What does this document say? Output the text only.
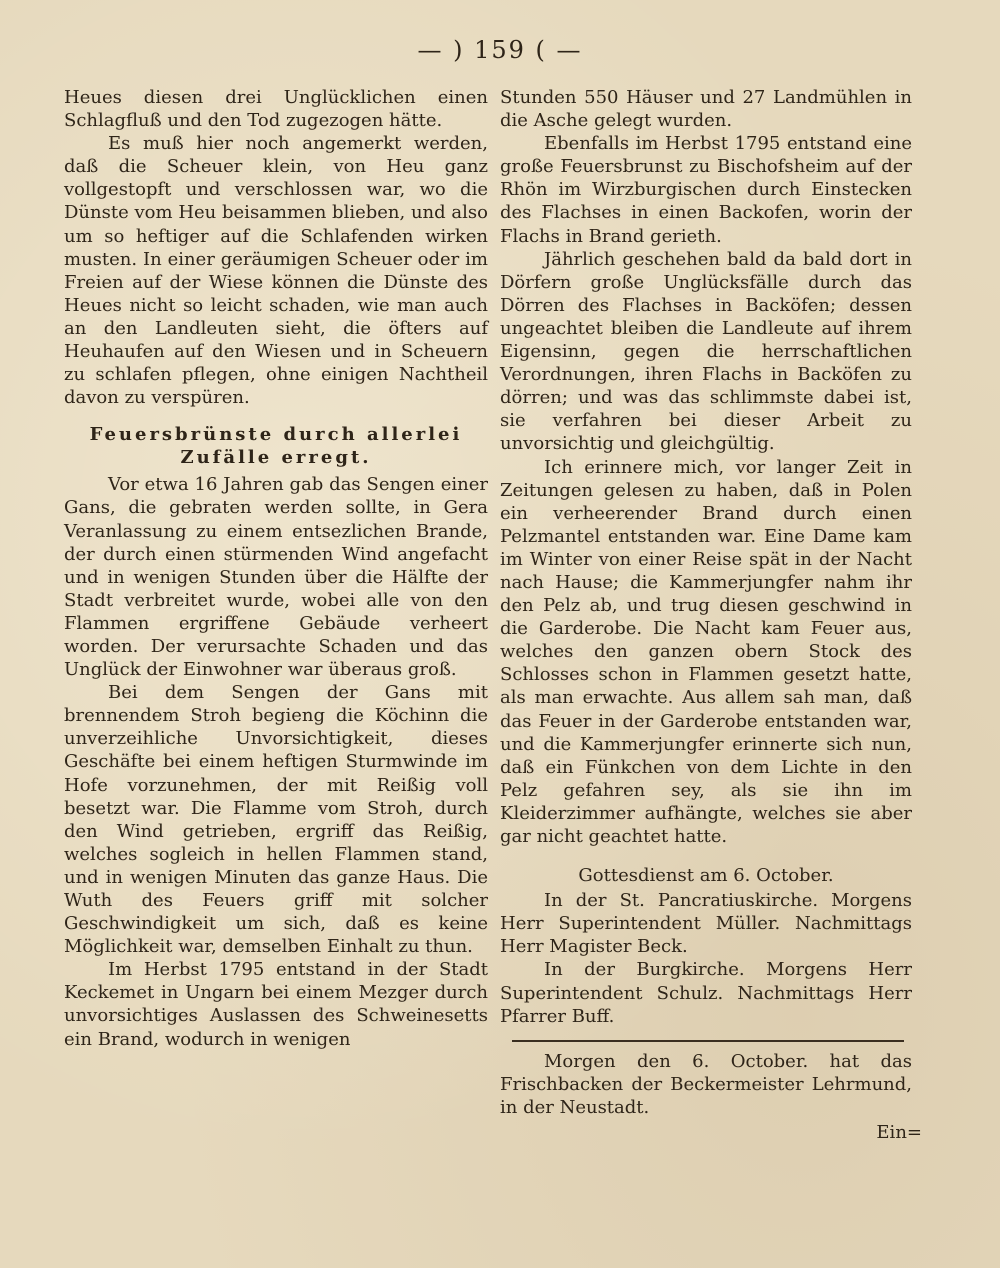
— ) 159 ( —

Heues diesen drei Unglücklichen einen Schlagfluß und den Tod zugezogen hätte.

Es muß hier noch angemerkt werden, daß die Scheuer klein, von Heu ganz vollgestopft und verschlossen war, wo die Dünste vom Heu beisammen blieben, und also um so heftiger auf die Schlafenden wirken musten. In einer geräumigen Scheuer oder im Freien auf der Wiese können die Dünste des Heues nicht so leicht schaden, wie man auch an den Landleuten sieht, die öfters auf Heuhaufen auf den Wiesen und in Scheuern zu schlafen pflegen, ohne einigen Nachtheil davon zu verspüren.

Feuersbrünste durch allerlei Zufälle erregt.

Vor etwa 16 Jahren gab das Sengen einer Gans, die gebraten werden sollte, in Gera Veranlassung zu einem entsezlichen Brande, der durch einen stürmenden Wind angefacht und in wenigen Stunden über die Hälfte der Stadt verbreitet wurde, wobei alle von den Flammen ergriffene Gebäude verheert worden. Der verursachte Schaden und das Unglück der Einwohner war überaus groß.

Bei dem Sengen der Gans mit brennendem Stroh begieng die Köchinn die unverzeihliche Unvorsichtigkeit, dieses Geschäfte bei einem heftigen Sturmwinde im Hofe vorzunehmen, der mit Reißig voll besetzt war. Die Flamme vom Stroh, durch den Wind getrieben, ergriff das Reißig, welches sogleich in hellen Flammen stand, und in wenigen Minuten das ganze Haus. Die Wuth des Feuers griff mit solcher Geschwindigkeit um sich, daß es keine Möglichkeit war, demselben Einhalt zu thun.

Im Herbst 1795 entstand in der Stadt Keckemet in Ungarn bei einem Mezger durch unvorsichtiges Auslassen des Schweinesetts ein Brand, wodurch in wenigen

Stunden 550 Häuser und 27 Landmühlen in die Asche gelegt wurden.

Ebenfalls im Herbst 1795 entstand eine große Feuersbrunst zu Bischofsheim auf der Rhön im Wirzburgischen durch Einstecken des Flachses in einen Backofen, worin der Flachs in Brand gerieth.

Jährlich geschehen bald da bald dort in Dörfern große Unglücksfälle durch das Dörren des Flachses in Backöfen; dessen ungeachtet bleiben die Landleute auf ihrem Eigensinn, gegen die herrschaftlichen Verordnungen, ihren Flachs in Backöfen zu dörren; und was das schlimmste dabei ist, sie verfahren bei dieser Arbeit zu unvorsichtig und gleichgültig.

Ich erinnere mich, vor langer Zeit in Zeitungen gelesen zu haben, daß in Polen ein verheerender Brand durch einen Pelzmantel entstanden war. Eine Dame kam im Winter von einer Reise spät in der Nacht nach Hause; die Kammerjungfer nahm ihr den Pelz ab, und trug diesen geschwind in die Garderobe. Die Nacht kam Feuer aus, welches den ganzen obern Stock des Schlosses schon in Flammen gesetzt hatte, als man erwachte. Aus allem sah man, daß das Feuer in der Garderobe entstanden war, und die Kammerjungfer erinnerte sich nun, daß ein Fünkchen von dem Lichte in den Pelz gefahren sey, als sie ihn im Kleiderzimmer aufhängte, welches sie aber gar nicht geachtet hatte.

Gottesdienst am 6. October.

In der St. Pancratiuskirche. Morgens Herr Superintendent Müller. Nachmittags Herr Magister Beck.

In der Burgkirche. Morgens Herr Superintendent Schulz. Nachmittags Herr Pfarrer Buff.

Morgen den 6. October. hat das Frischbacken der Beckermeister Lehrmund, in der Neustadt.

Ein=
